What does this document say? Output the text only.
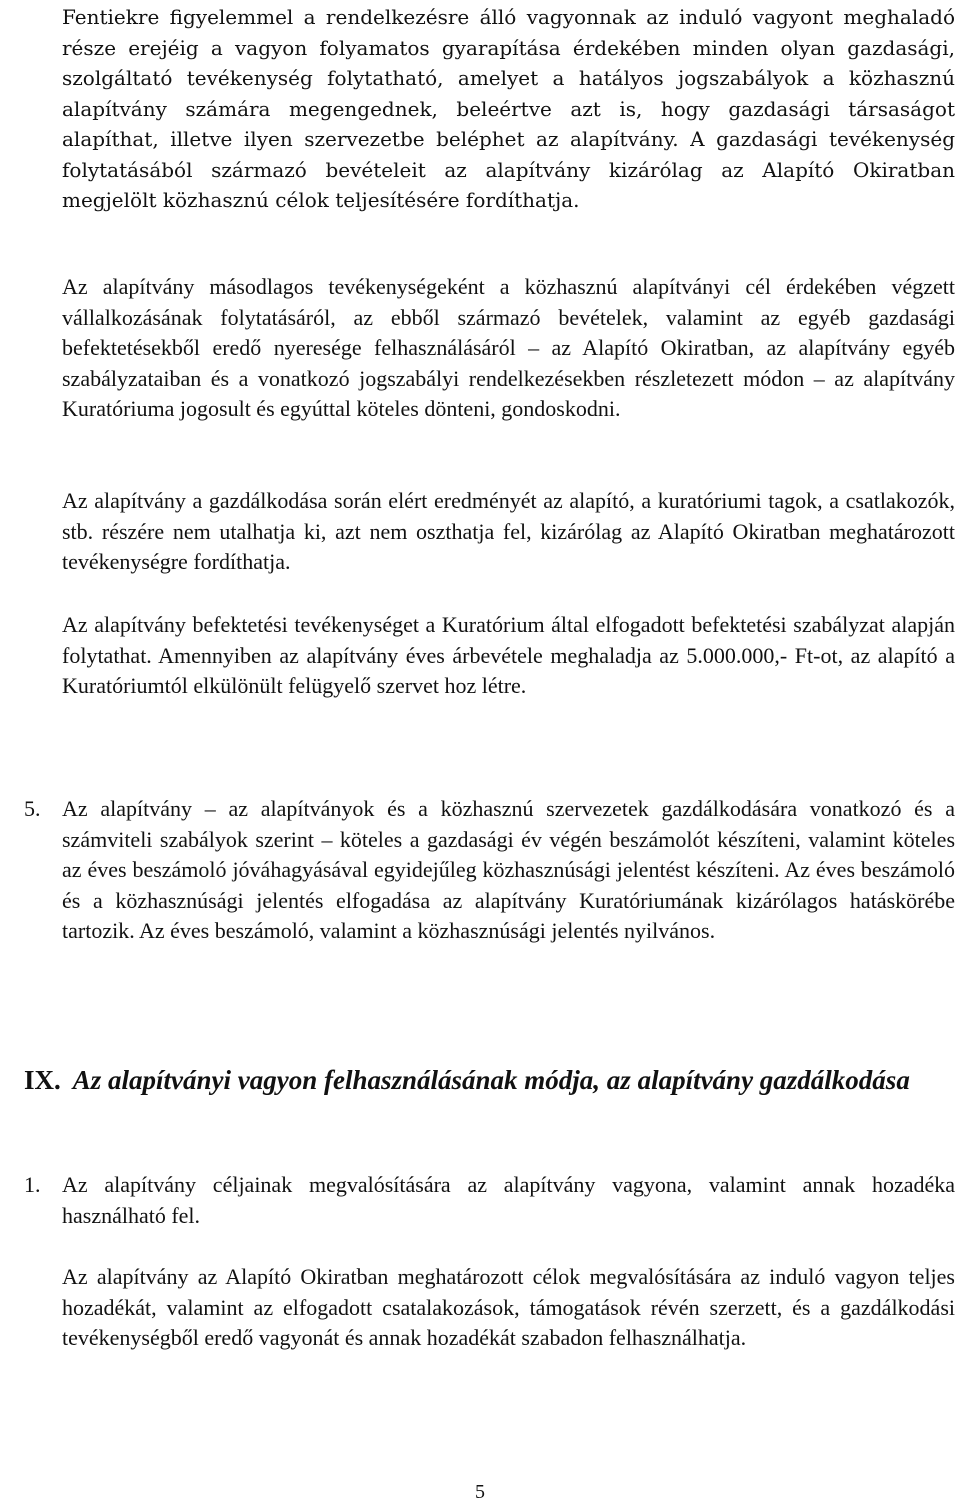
Fentiekre figyelemmel a rendelkezésre álló vagyonnak az induló vagyont meghaladó része erejéig a vagyon folyamatos gyarapítása érdekében minden olyan gazdasági, szolgáltató tevékenység folytatható, amelyet a hatályos jogszabályok a közhasznú alapítvány számára megengednek, beleértve azt is, hogy gazdasági társaságot alapíthat, illetve ilyen szervezetbe beléphet az alapítvány. A gazdasági tevékenység folytatásából származó bevételeit az alapítvány kizárólag az Alapító Okiratban megjelölt közhasznú célok teljesítésére fordíthatja.

Az alapítvány másodlagos tevékenységeként a közhasznú alapítványi cél érdekében végzett vállalkozásának folytatásáról, az ebből származó bevételek, valamint az egyéb gazdasági befektetésekből eredő nyeresége felhasználásáról – az Alapító Okiratban, az alapítvány egyéb szabályzataiban és a vonatkozó jogszabályi rendelkezésekben részletezett módon – az alapítvány Kuratóriuma jogosult és egyúttal köteles dönteni, gondoskodni.

Az alapítvány a gazdálkodása során elért eredményét az alapító, a kuratóriumi tagok, a csatlakozók, stb. részére nem utalhatja ki, azt nem oszthatja fel, kizárólag az Alapító Okiratban meghatározott tevékenységre fordíthatja.

Az alapítvány befektetési tevékenységet a Kuratórium által elfogadott befektetési szabályzat alapján folytathat. Amennyiben az alapítvány éves árbevétele meghaladja az 5.000.000,- Ft-ot, az alapító a Kuratóriumtól elkülönült felügyelő szervet hoz létre.

5. Az alapítvány – az alapítványok és a közhasznú szervezetek gazdálkodására vonatkozó és a számviteli szabályok szerint – köteles a gazdasági év végén beszámolót készíteni, valamint köteles az éves beszámoló jóváhagyásával egyidejűleg közhasznúsági jelentést készíteni. Az éves beszámoló és a közhasznúsági jelentés elfogadása az alapítvány Kuratóriumának kizárólagos hatáskörébe tartozik. Az éves beszámoló, valamint a közhasznúsági jelentés nyilvános.

IX. Az alapítványi vagyon felhasználásának módja, az alapítvány gazdálkodása
1. Az alapítvány céljainak megvalósítására az alapítvány vagyona, valamint annak hozadéka használható fel.

Az alapítvány az Alapító Okiratban meghatározott célok megvalósítására az induló vagyon teljes hozadékát, valamint az elfogadott csatalakozások, támogatások révén szerzett, és a gazdálkodási tevékenységből eredő vagyonát és annak hozadékát szabadon felhasználhatja.

5
